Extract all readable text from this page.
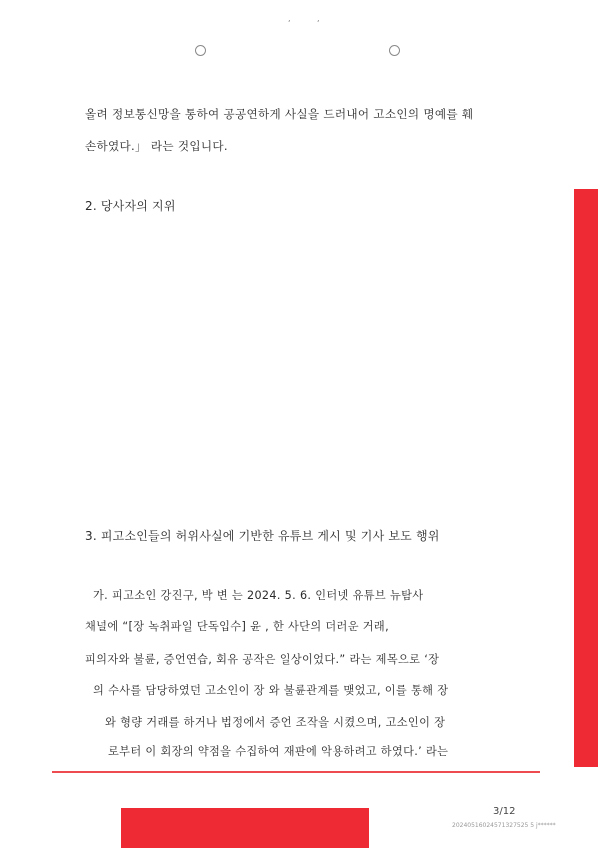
,	,
올려 정보통신망을 통하여 공공연하게 사실을 드러내어 고소인의 명예를 훼
손하였다.」 라는 것입니다.
2. 당사자의 지위
3. 피고소인들의 허위사실에 기반한 유튜브 게시 및 기사 보도 행위
가. 피고소인 강진구, 박 변 는 2024. 5. 6. 인터넷 유튜브 뉴탐사
채널에 “[장 녹취파일 단독입수] 윤 , 한 사단의 더러운 거래,
피의자와 불륜, 증언연습, 회유 공작은 일상이었다.” 라는 제목으로 ‘장
의 수사를 담당하였던 고소인이 장 와 불륜관계를 맺었고, 이를 통해 장
와 형량 거래를 하거나 법정에서 증언 조작을 시켰으며, 고소인이 장
로부터 이 회장의 약점을 수집하여 재판에 악용하려고 하였다.’ 라는
3/12
20240516024571327525 5 j******
